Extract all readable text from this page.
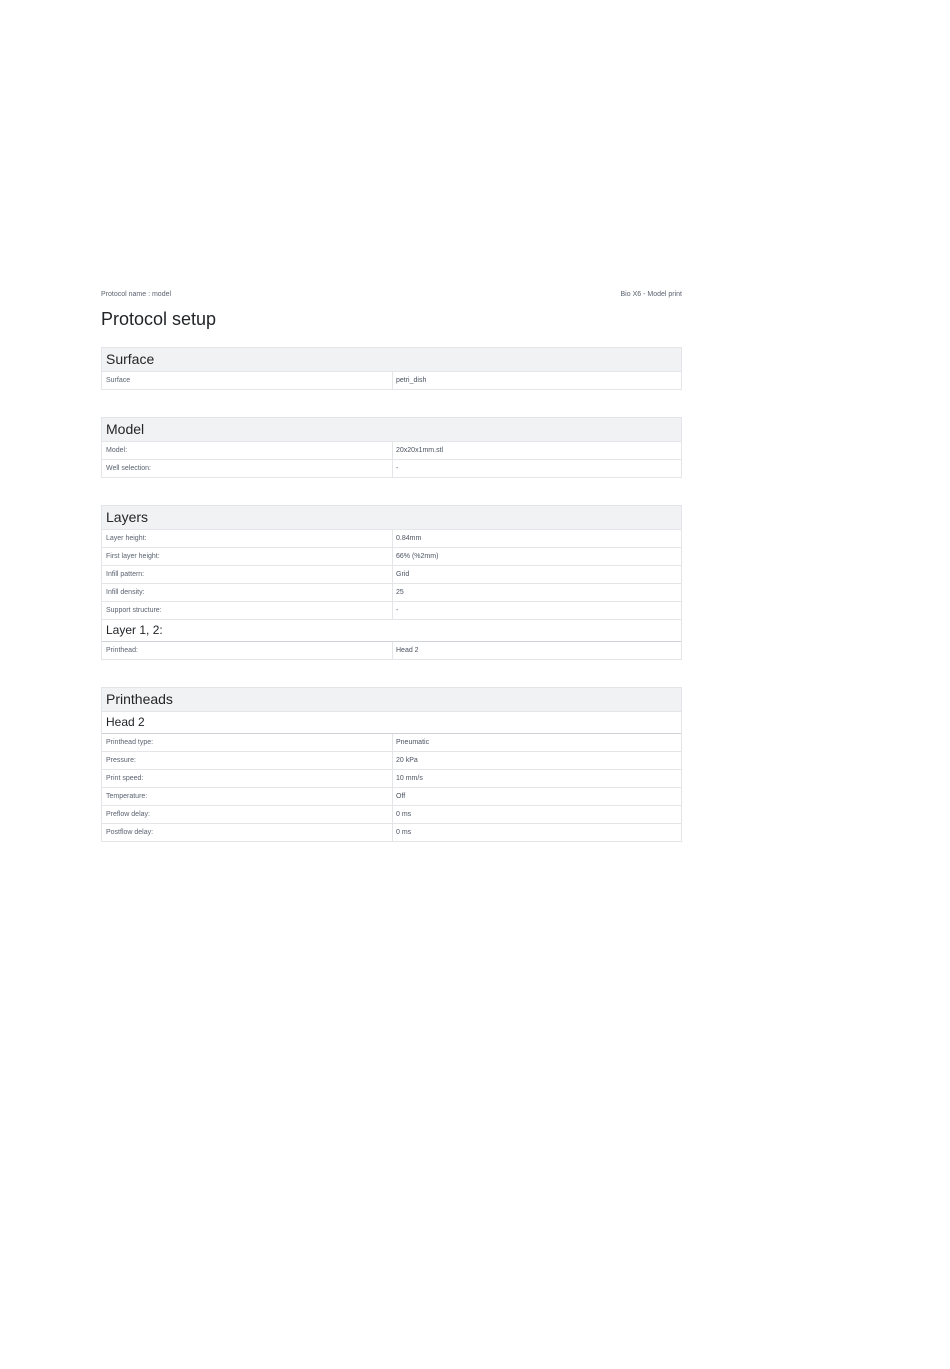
Protocol name : model	Bio X6 - Model print
Protocol setup
Surface
Surface	petri_dish
Model
Model:	20x20x1mm.stl
Well selection:	-
Layers
Layer height:	0.84mm
First layer height:	66% (%2mm)
Infill pattern:	Grid
Infill density:	25
Support structure:	-
Layer 1, 2:
Printhead:	Head 2
Printheads
Head 2
Printhead type:	Pneumatic
Pressure:	20 kPa
Print speed:	10 mm/s
Temperature:	Off
Preflow delay:	0 ms
Postflow delay:	0 ms
